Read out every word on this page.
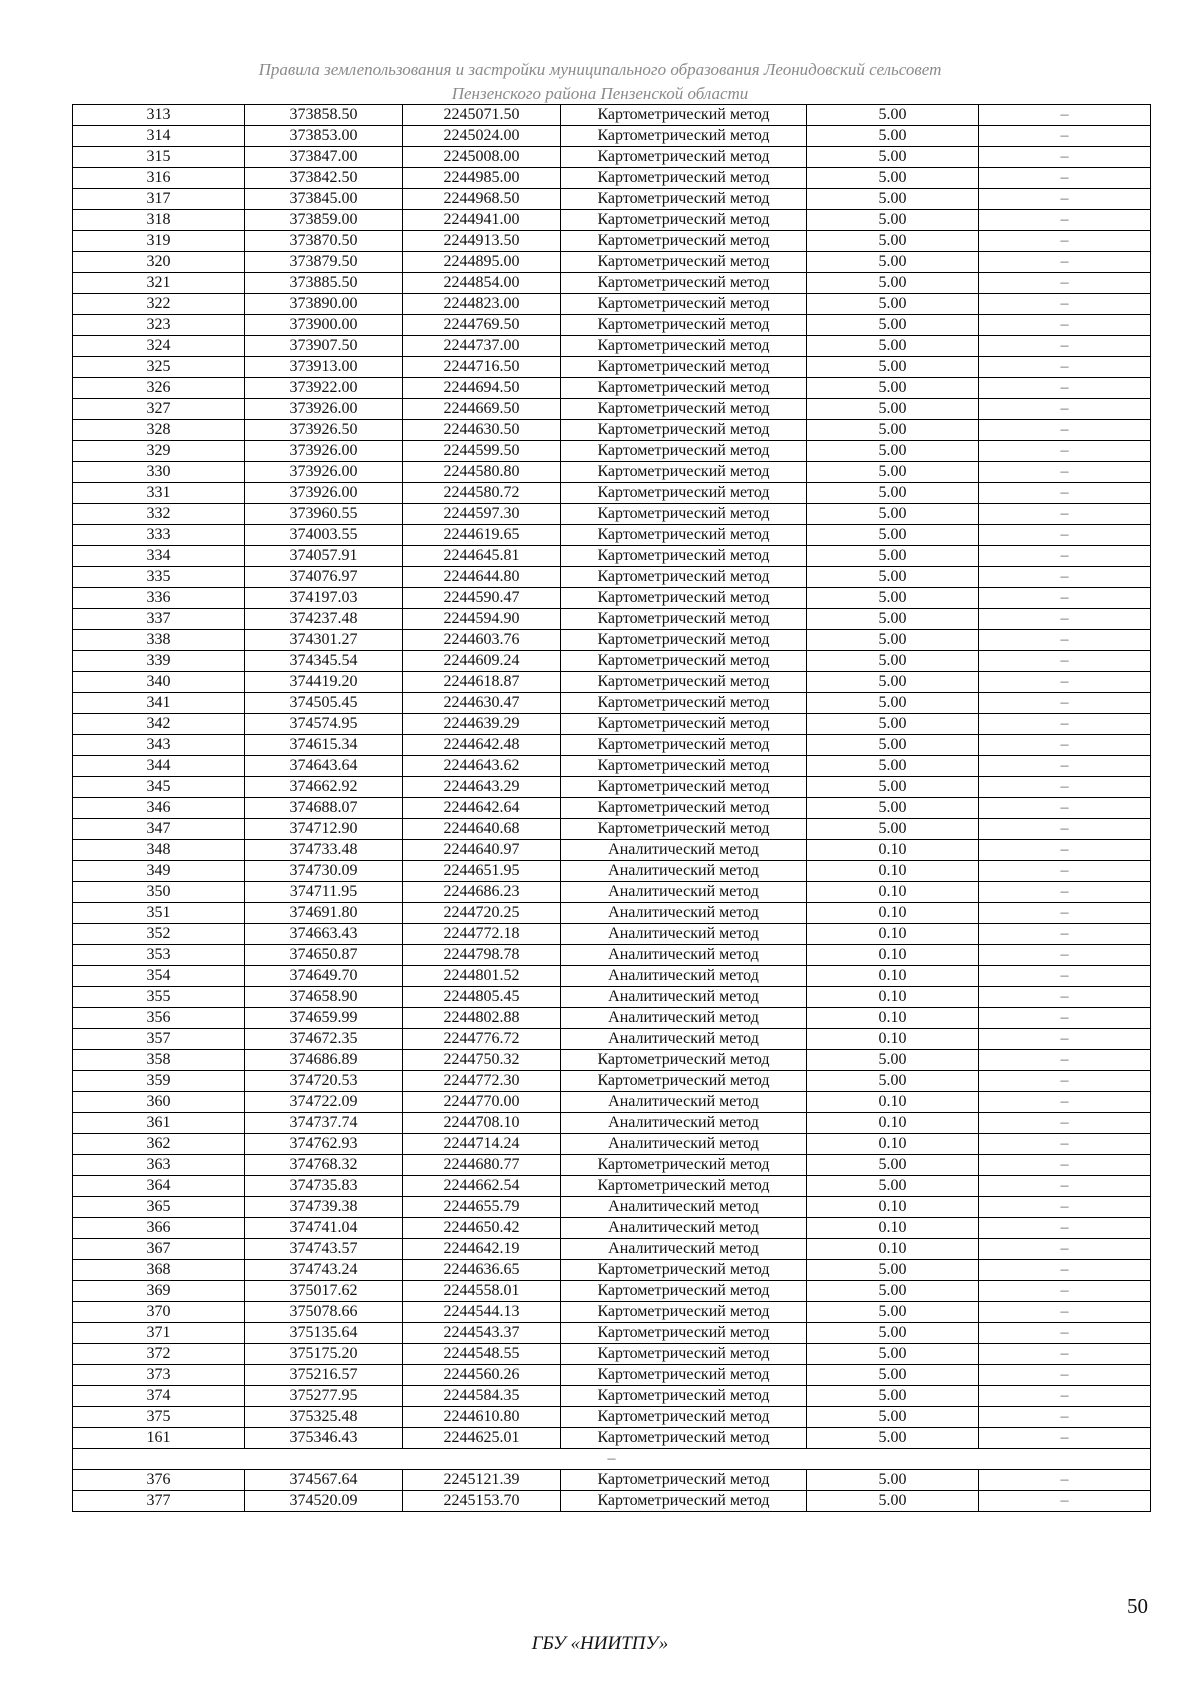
Правила землепользования и застройки муниципального образования Леонидовский сельсовет
Пензенского района Пензенской области
313	373858.50	2245071.50	Картометрический метод	5.00	–
314	373853.00	2245024.00	Картометрический метод	5.00	–
315	373847.00	2245008.00	Картометрический метод	5.00	–
316	373842.50	2244985.00	Картометрический метод	5.00	–
317	373845.00	2244968.50	Картометрический метод	5.00	–
318	373859.00	2244941.00	Картометрический метод	5.00	–
319	373870.50	2244913.50	Картометрический метод	5.00	–
320	373879.50	2244895.00	Картометрический метод	5.00	–
321	373885.50	2244854.00	Картометрический метод	5.00	–
322	373890.00	2244823.00	Картометрический метод	5.00	–
323	373900.00	2244769.50	Картометрический метод	5.00	–
324	373907.50	2244737.00	Картометрический метод	5.00	–
325	373913.00	2244716.50	Картометрический метод	5.00	–
326	373922.00	2244694.50	Картометрический метод	5.00	–
327	373926.00	2244669.50	Картометрический метод	5.00	–
328	373926.50	2244630.50	Картометрический метод	5.00	–
329	373926.00	2244599.50	Картометрический метод	5.00	–
330	373926.00	2244580.80	Картометрический метод	5.00	–
331	373926.00	2244580.72	Картометрический метод	5.00	–
332	373960.55	2244597.30	Картометрический метод	5.00	–
333	374003.55	2244619.65	Картометрический метод	5.00	–
334	374057.91	2244645.81	Картометрический метод	5.00	–
335	374076.97	2244644.80	Картометрический метод	5.00	–
336	374197.03	2244590.47	Картометрический метод	5.00	–
337	374237.48	2244594.90	Картометрический метод	5.00	–
338	374301.27	2244603.76	Картометрический метод	5.00	–
339	374345.54	2244609.24	Картометрический метод	5.00	–
340	374419.20	2244618.87	Картометрический метод	5.00	–
341	374505.45	2244630.47	Картометрический метод	5.00	–
342	374574.95	2244639.29	Картометрический метод	5.00	–
343	374615.34	2244642.48	Картометрический метод	5.00	–
344	374643.64	2244643.62	Картометрический метод	5.00	–
345	374662.92	2244643.29	Картометрический метод	5.00	–
346	374688.07	2244642.64	Картометрический метод	5.00	–
347	374712.90	2244640.68	Картометрический метод	5.00	–
348	374733.48	2244640.97	Аналитический метод	0.10	–
349	374730.09	2244651.95	Аналитический метод	0.10	–
350	374711.95	2244686.23	Аналитический метод	0.10	–
351	374691.80	2244720.25	Аналитический метод	0.10	–
352	374663.43	2244772.18	Аналитический метод	0.10	–
353	374650.87	2244798.78	Аналитический метод	0.10	–
354	374649.70	2244801.52	Аналитический метод	0.10	–
355	374658.90	2244805.45	Аналитический метод	0.10	–
356	374659.99	2244802.88	Аналитический метод	0.10	–
357	374672.35	2244776.72	Аналитический метод	0.10	–
358	374686.89	2244750.32	Картометрический метод	5.00	–
359	374720.53	2244772.30	Картометрический метод	5.00	–
360	374722.09	2244770.00	Аналитический метод	0.10	–
361	374737.74	2244708.10	Аналитический метод	0.10	–
362	374762.93	2244714.24	Аналитический метод	0.10	–
363	374768.32	2244680.77	Картометрический метод	5.00	–
364	374735.83	2244662.54	Картометрический метод	5.00	–
365	374739.38	2244655.79	Аналитический метод	0.10	–
366	374741.04	2244650.42	Аналитический метод	0.10	–
367	374743.57	2244642.19	Аналитический метод	0.10	–
368	374743.24	2244636.65	Картометрический метод	5.00	–
369	375017.62	2244558.01	Картометрический метод	5.00	–
370	375078.66	2244544.13	Картометрический метод	5.00	–
371	375135.64	2244543.37	Картометрический метод	5.00	–
372	375175.20	2244548.55	Картометрический метод	5.00	–
373	375216.57	2244560.26	Картометрический метод	5.00	–
374	375277.95	2244584.35	Картометрический метод	5.00	–
375	375325.48	2244610.80	Картометрический метод	5.00	–
161	375346.43	2244625.01	Картометрический метод	5.00	–
–					
376	374567.64	2245121.39	Картометрический метод	5.00	–
377	374520.09	2245153.70	Картометрический метод	5.00	–
50
ГБУ «НИИТПУ»
